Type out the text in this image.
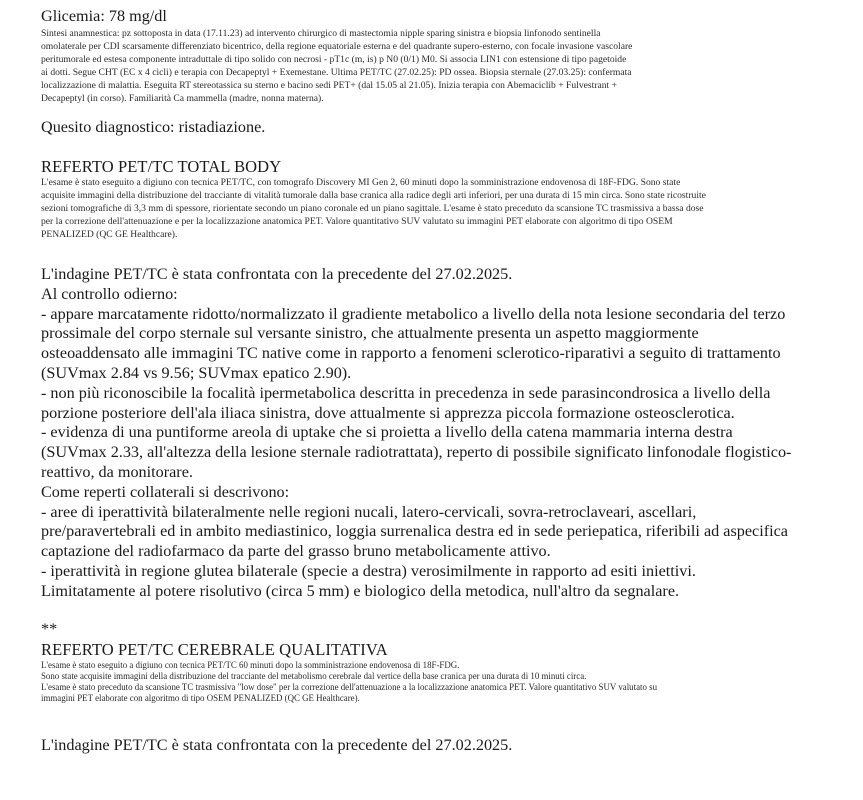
Glicemia: 78 mg/dl
Sintesi anamnestica: pz sottoposta in data (17.11.23) ad intervento chirurgico di mastectomia nipple sparing sinistra e biopsia linfonodo sentinella
omolaterale per CDI scarsamente differenziato bicentrico, della regione equatoriale esterna e del quadrante supero-esterno, con focale invasione vascolare
peritumorale ed estesa componente intraduttale di tipo solido con necrosi - pT1c (m, is) p N0 (0/1) M0. Si associa LIN1 con estensione di tipo pagetoide
ai dotti. Segue CHT (EC x 4 cicli) e terapia con Decapeptyl + Exemestane. Ultima PET/TC (27.02.25): PD ossea. Biopsia sternale (27.03.25): confermata
localizzazione di malattia. Eseguita RT stereotassica su sterno e bacino sedi PET+ (dal 15.05 al 21.05). Inizia terapia con Abemaciclib + Fulvestrant +
Decapeptyl (in corso). Familiarità Ca mammella (madre, nonna materna).
Quesito diagnostico: ristadiazione.
REFERTO PET/TC TOTAL BODY
L'esame è stato eseguito a digiuno con tecnica PET/TC, con tomografo Discovery MI Gen 2, 60 minuti dopo la somministrazione endovenosa di 18F-FDG. Sono state
acquisite immagini della distribuzione del tracciante di vitalità tumorale dalla base cranica alla radice degli arti inferiori, per una durata di 15 min circa. Sono state ricostruite
sezioni tomografiche di 3,3 mm di spessore, riorientate secondo un piano coronale ed un piano sagittale. L'esame è stato preceduto da scansione TC trasmissiva a bassa dose
per la correzione dell'attenuazione e per la localizzazione anatomica PET. Valore quantitativo SUV valutato su immagini PET elaborate con algoritmo di tipo OSEM
PENALIZED (QC GE Healthcare).
L'indagine PET/TC è stata confrontata con la precedente del 27.02.2025.
Al controllo odierno:
- appare marcatamente ridotto/normalizzato il gradiente metabolico a livello della nota lesione secondaria del terzo
prossimale del corpo sternale sul versante sinistro, che attualmente presenta un aspetto maggiormente
osteoaddensato alle immagini TC native come in rapporto a fenomeni sclerotico-riparativi a seguito di trattamento
(SUVmax 2.84 vs 9.56; SUVmax epatico 2.90).
- non più riconoscibile la focalità ipermetabolica descritta in precedenza in sede parasincondrosica a livello della
porzione posteriore dell'ala iliaca sinistra, dove attualmente si apprezza piccola formazione osteosclerotica.
- evidenza di una puntiforme areola di uptake che si proietta a livello della catena mammaria interna destra
(SUVmax 2.33, all'altezza della lesione sternale radiotrattata), reperto di possibile significato linfonodale flogistico-
reattivo, da monitorare.
Come reperti collaterali si descrivono:
- aree di iperattività bilateralmente nelle regioni nucali, latero-cervicali, sovra-retroclaveari, ascellari,
pre/paravertebrali ed in ambito mediastinico, loggia surrenalica destra ed in sede periepatica, riferibili ad aspecifica
captazione del radiofarmaco da parte del grasso bruno metabolicamente attivo.
- iperattività in regione glutea bilaterale (specie a destra) verosimilmente in rapporto ad esiti iniettivi.
Limitatamente al potere risolutivo (circa 5 mm) e biologico della metodica, null'altro da segnalare.
**
REFERTO PET/TC CEREBRALE QUALITATIVA
L'esame è stato eseguito a digiuno con tecnica PET/TC 60 minuti dopo la somministrazione endovenosa di 18F-FDG.
Sono state acquisite immagini della distribuzione del tracciante del metabolismo cerebrale dal vertice della base cranica per una durata di 10 minuti circa.
L'esame è stato preceduto da scansione TC trasmissiva "low dose" per la correzione dell'attenuazione a la localizzazione anatomica PET. Valore quantitativo SUV valutato su
immagini PET elaborate con algoritmo di tipo OSEM PENALIZED (QC GE Healthcare).
L'indagine PET/TC è stata confrontata con la precedente del 27.02.2025.
